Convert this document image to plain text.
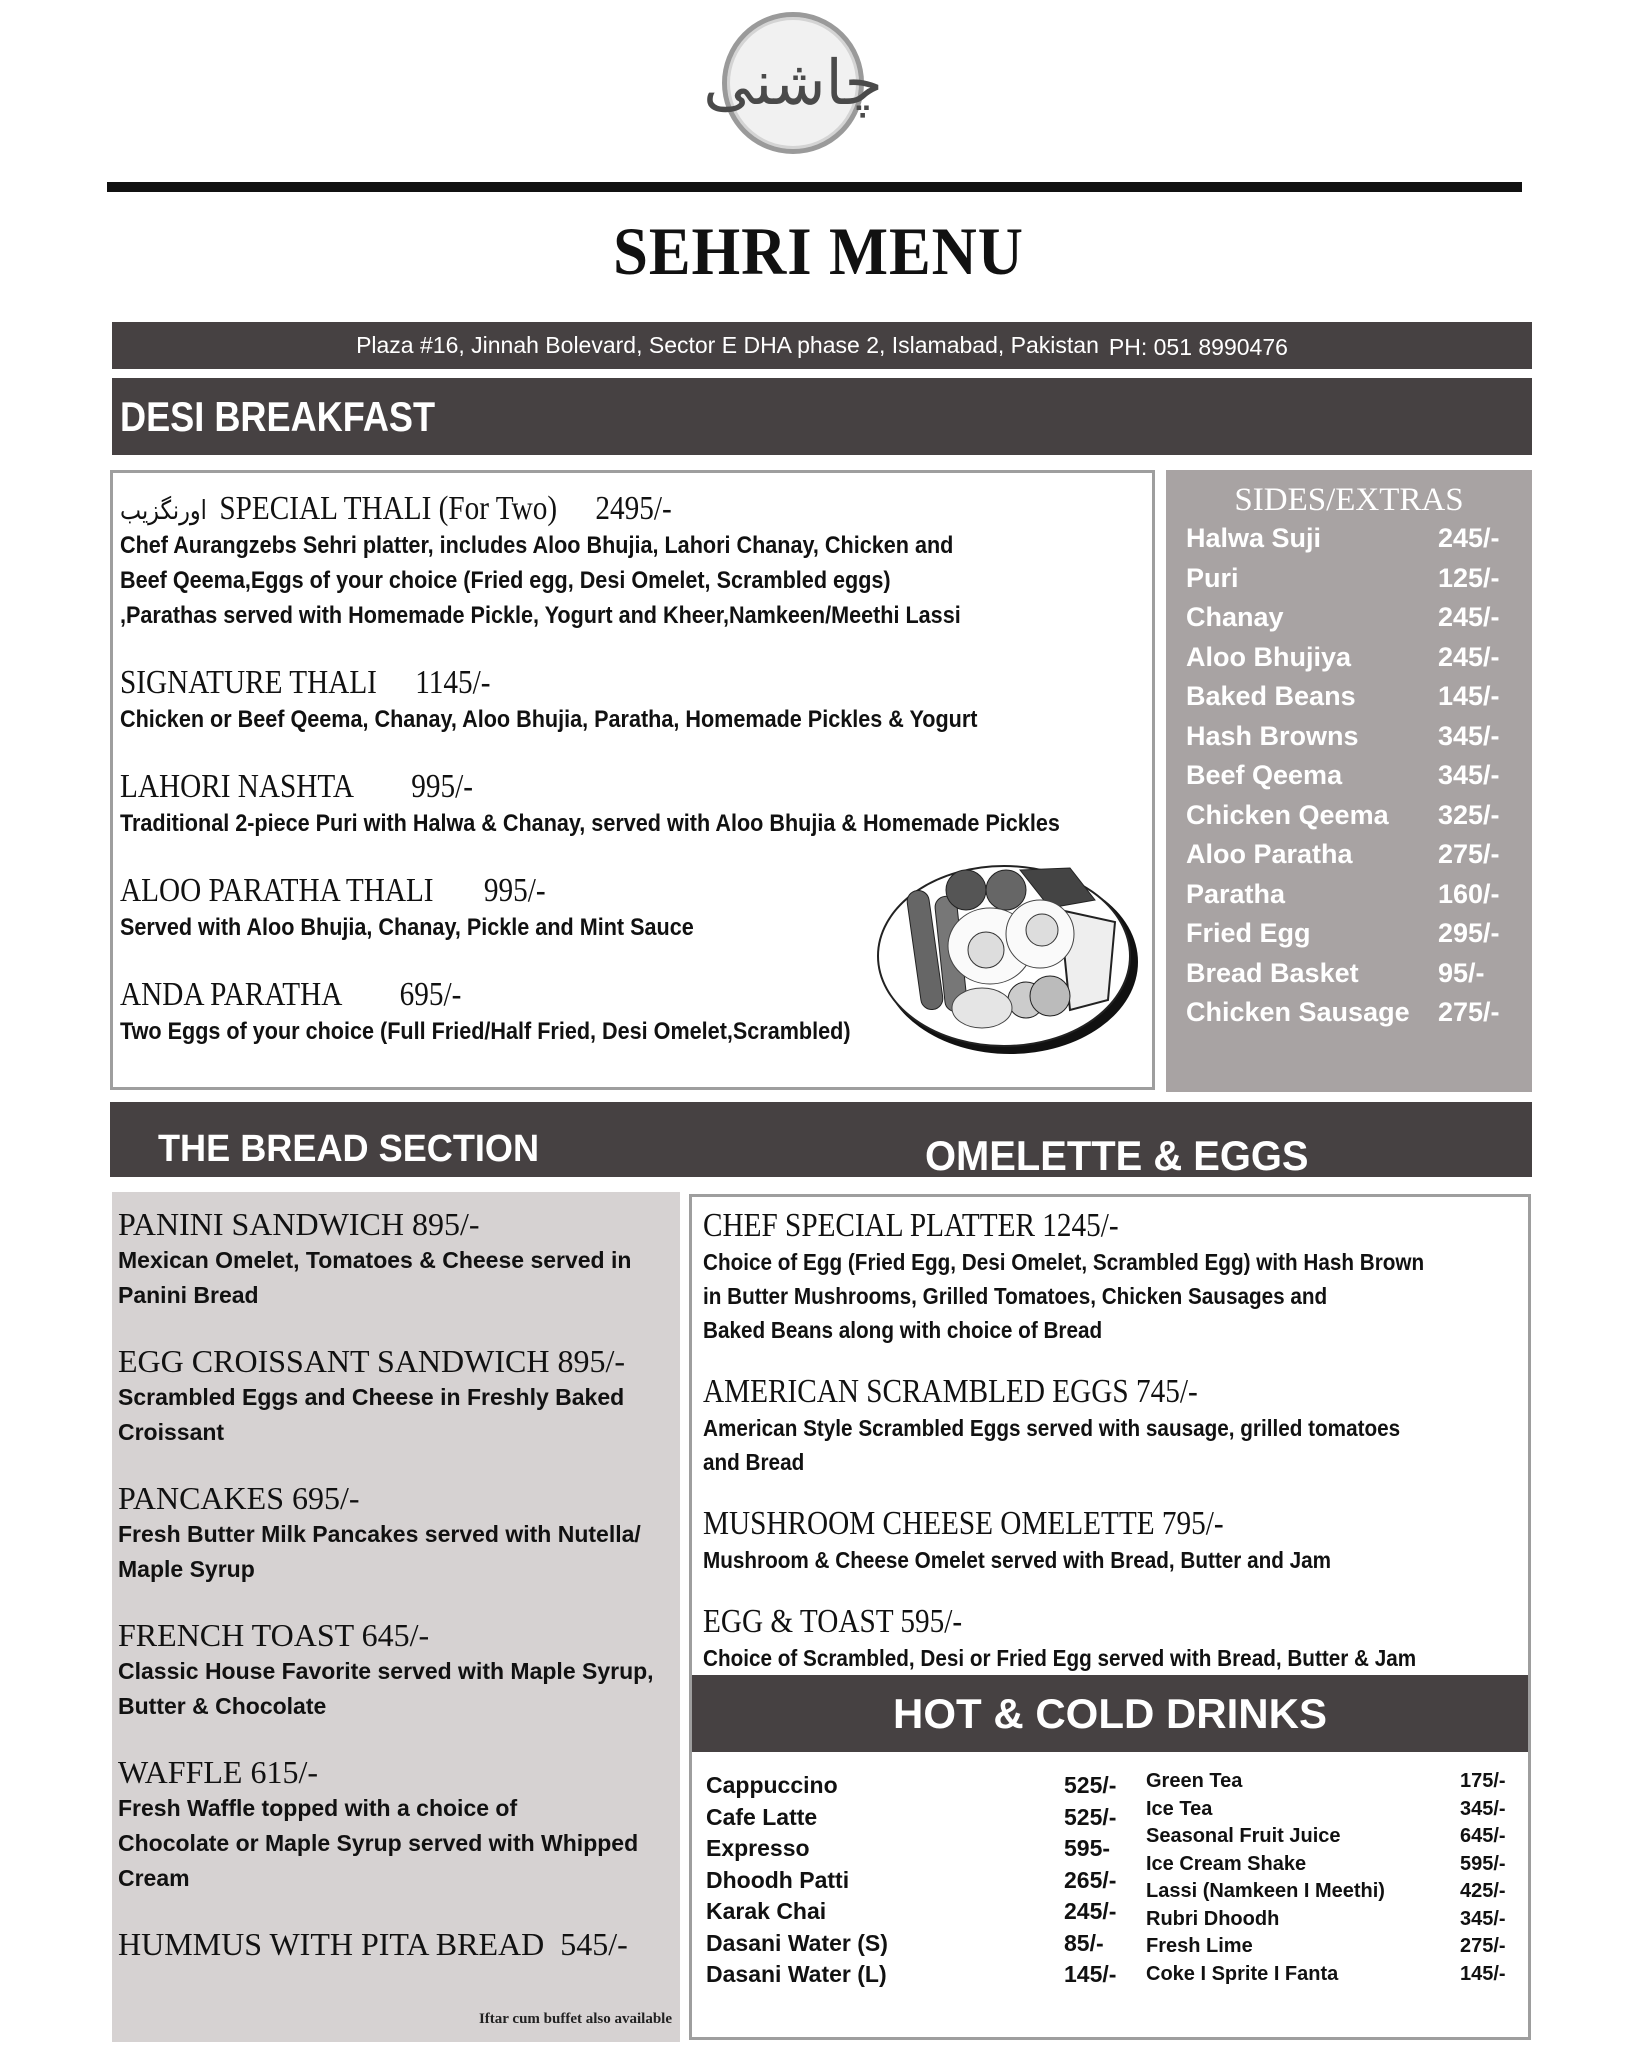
چاشنی
SEHRI MENU
Plaza #16, Jinnah Bolevard, Sector E DHA phase 2, Islamabad, Pakistan PH: 051 8990476
DESI BREAKFAST
اورنگزیب SPECIAL THALI (For Two) 2495/-
Chef Aurangzebs Sehri platter, includes Aloo Bhujia, Lahori Chanay, Chicken and
Beef Qeema,Eggs of your choice (Fried egg, Desi Omelet, Scrambled eggs)
,Parathas served with Homemade Pickle, Yogurt and Kheer,Namkeen/Meethi Lassi
SIGNATURE THALI 1145/-
Chicken or Beef Qeema, Chanay, Aloo Bhujia, Paratha, Homemade Pickles & Yogurt
LAHORI NASHTA 995/-
Traditional 2-piece Puri with Halwa & Chanay, served with Aloo Bhujia & Homemade Pickles
ALOO PARATHA THALI 995/-
Served with Aloo Bhujia, Chanay, Pickle and Mint Sauce
ANDA PARATHA 695/-
Two Eggs of your choice (Full Fried/Half Fried, Desi Omelet,Scrambled)
SIDES/EXTRAS
Halwa Suji	245/-
Puri	125/-
Chanay	245/-
Aloo Bhujiya	245/-
Baked Beans	145/-
Hash Browns	345/-
Beef Qeema	345/-
Chicken Qeema 325/-
Aloo Paratha	275/-
Paratha	160/-
Fried Egg	295/-
Bread Basket	95/-
Chicken Sausage 275/-
THE BREAD SECTION	OMELETTE & EGGS
PANINI SANDWICH 895/-
Mexican Omelet, Tomatoes & Cheese served in
Panini Bread
EGG CROISSANT SANDWICH 895/-
Scrambled Eggs and Cheese in Freshly Baked
Croissant
PANCAKES 695/-
Fresh Butter Milk Pancakes served with Nutella/
Maple Syrup
FRENCH TOAST 645/-
Classic House Favorite served with Maple Syrup,
Butter & Chocolate
WAFFLE 615/-
Fresh Waffle topped with a choice of
Chocolate or Maple Syrup served with Whipped
Cream
HUMMUS WITH PITA BREAD  545/-
Iftar cum buffet also available
CHEF SPECIAL PLATTER 1245/-
Choice of Egg (Fried Egg, Desi Omelet, Scrambled Egg) with Hash Brown
in Butter Mushrooms, Grilled Tomatoes, Chicken Sausages and
Baked Beans along with choice of Bread
AMERICAN SCRAMBLED EGGS 745/-
American Style Scrambled Eggs served with sausage, grilled tomatoes
and Bread
MUSHROOM CHEESE OMELETTE 795/-
Mushroom & Cheese Omelet served with Bread, Butter and Jam
EGG & TOAST 595/-
Choice of Scrambled, Desi or Fried Egg served with Bread, Butter & Jam
HOT & COLD DRINKS
Cappuccino	525/-
Cafe Latte	525/-
Expresso	595-
Dhoodh Patti	265/-
Karak Chai	245/-
Dasani Water (S)	85/-
Dasani Water (L)	145/-
Green Tea	175/-
Ice Tea	345/-
Seasonal Fruit Juice	645/-
Ice Cream Shake	595/-
Lassi (Namkeen I Meethi)	425/-
Rubri Dhoodh	345/-
Fresh Lime	275/-
Coke I Sprite I Fanta	145/-
